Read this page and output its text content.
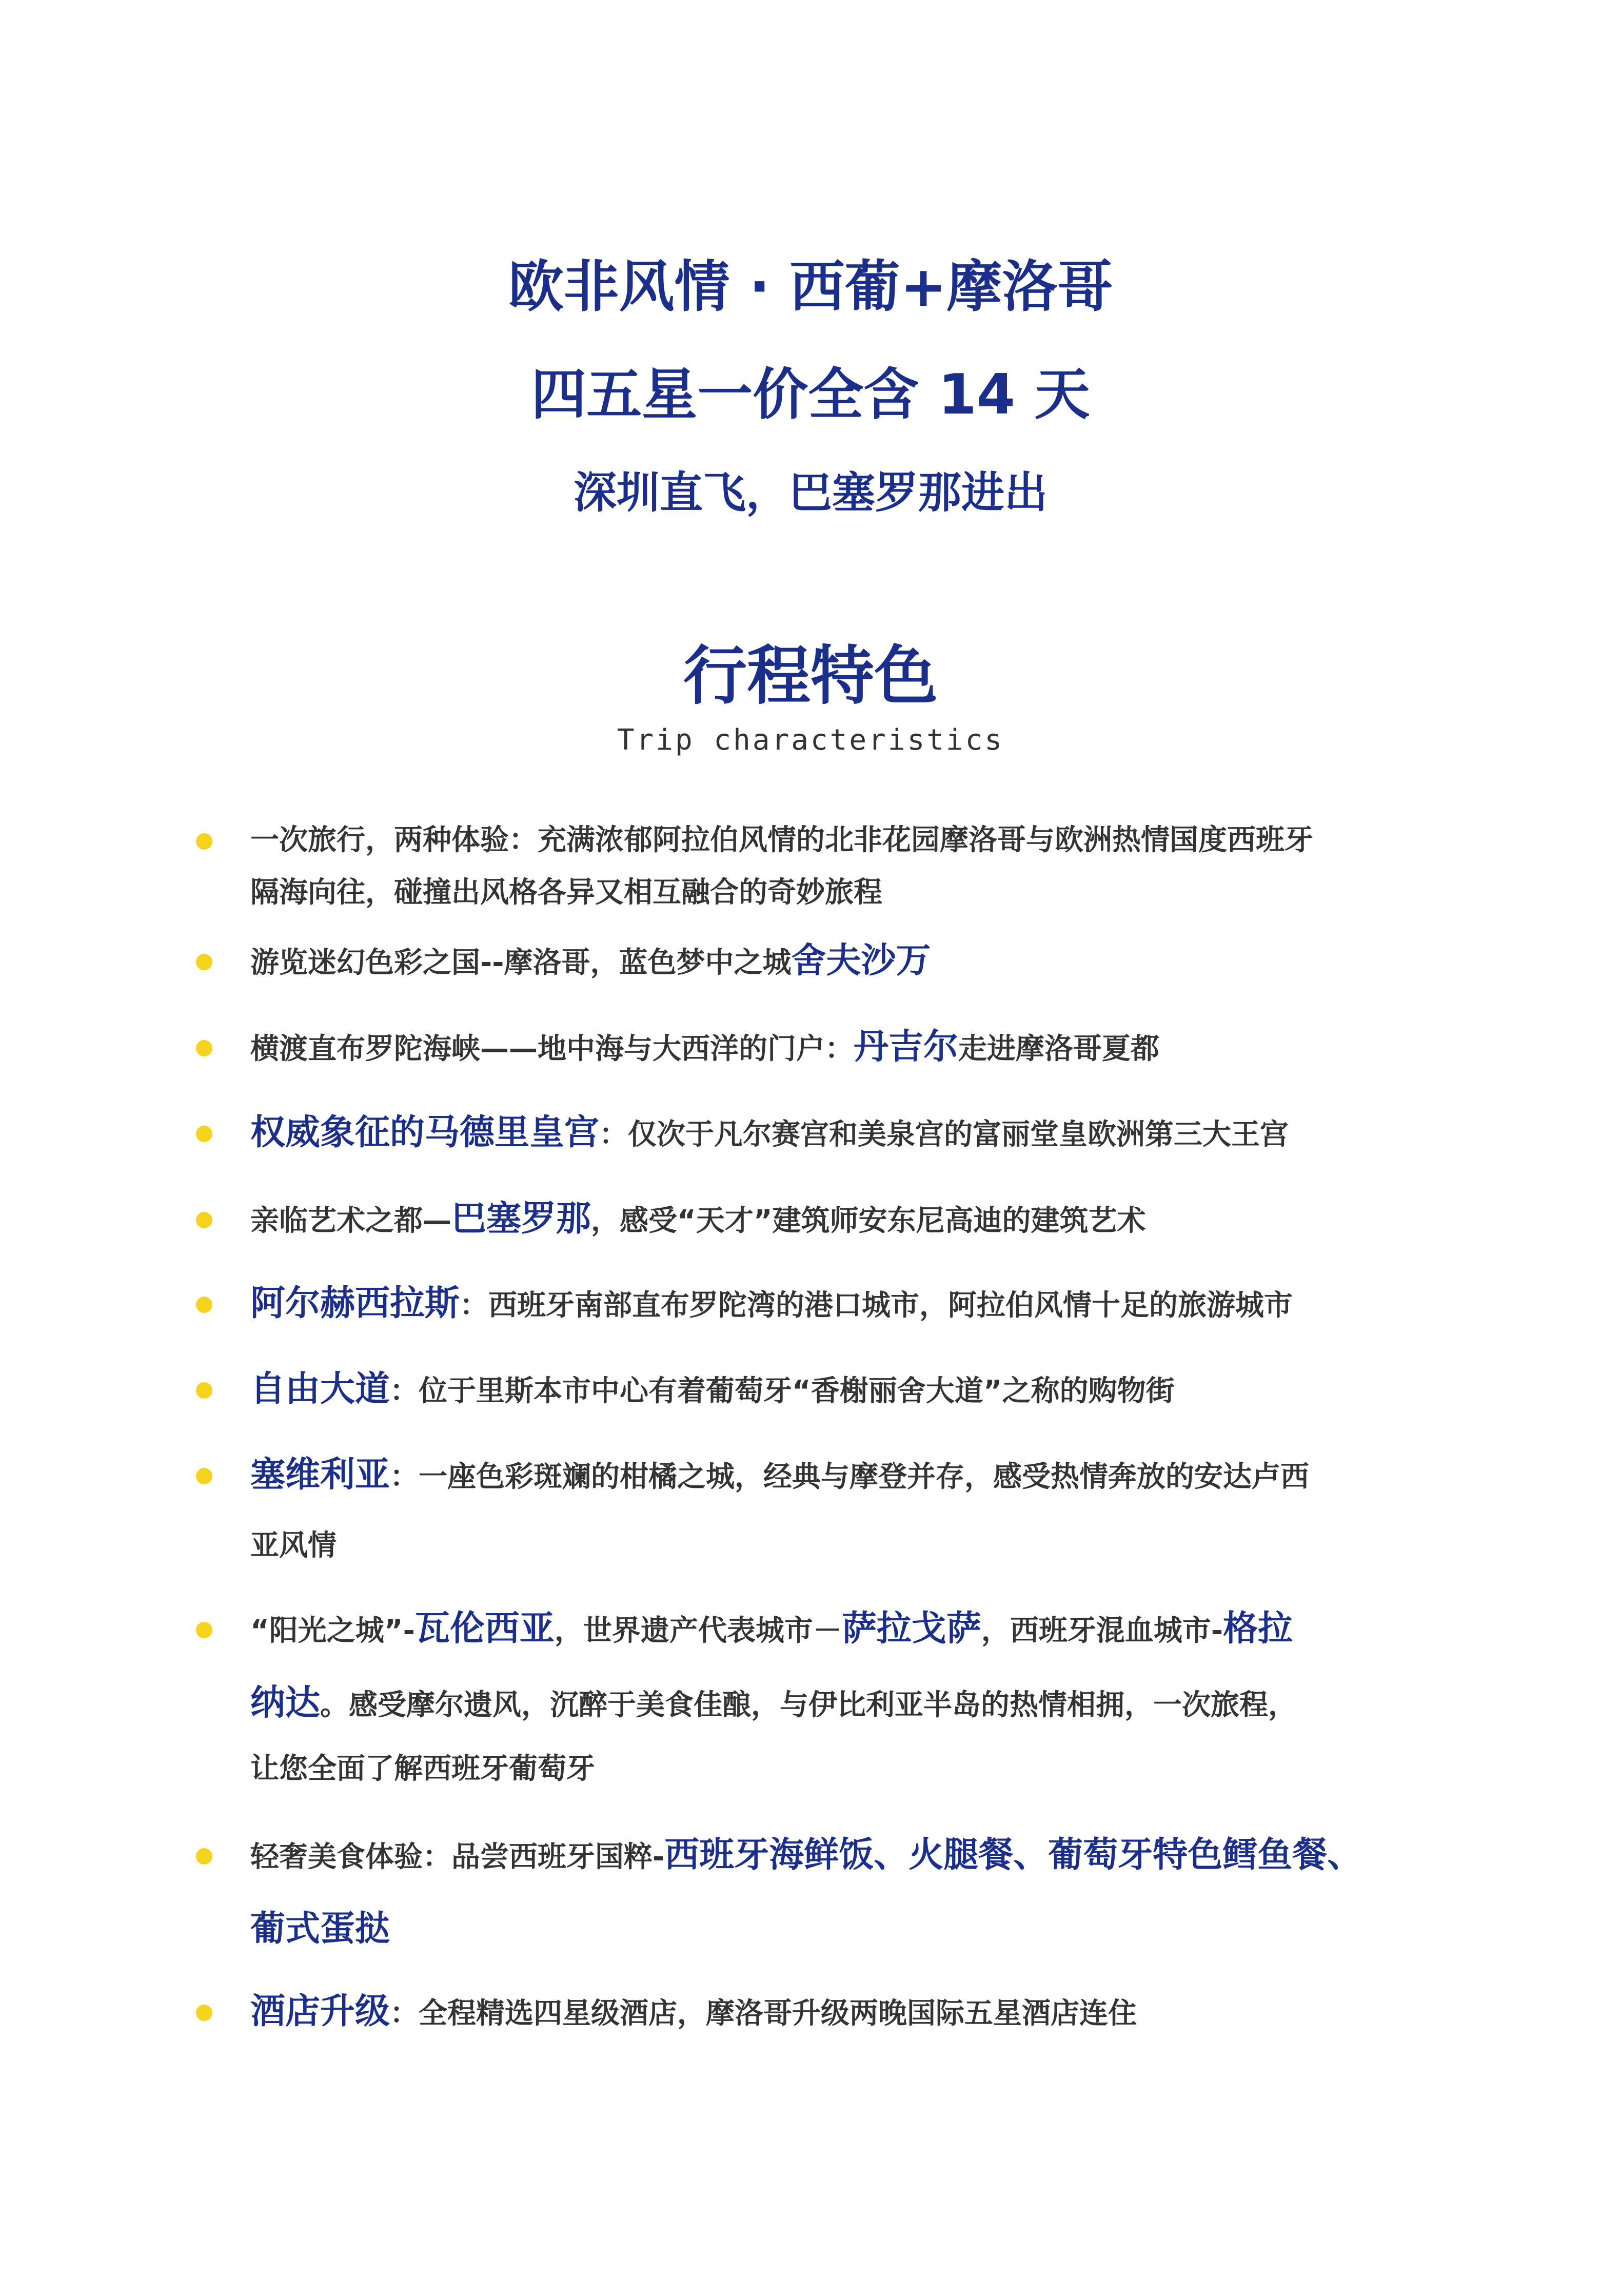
欧非风情 · 西葡+摩洛哥
四五星一价全含 14 天
深圳直飞，巴塞罗那进出
行程特色
Trip characteristics
一次旅行，两种体验：充满浓郁阿拉伯风情的北非花园摩洛哥与欧洲热情国度西班牙
隔海向往，碰撞出风格各异又相互融合的奇妙旅程
游览迷幻色彩之国--摩洛哥，蓝色梦中之城舍夫沙万
横渡直布罗陀海峡——地中海与大西洋的门户：丹吉尔走进摩洛哥夏都
权威象征的马德里皇宫：仅次于凡尔赛宫和美泉宫的富丽堂皇欧洲第三大王宫
亲临艺术之都—巴塞罗那，感受“天才”建筑师安东尼高迪的建筑艺术
阿尔赫西拉斯：西班牙南部直布罗陀湾的港口城市，阿拉伯风情十足的旅游城市
自由大道：位于里斯本市中心有着葡萄牙“香榭丽舍大道”之称的购物街
塞维利亚：一座色彩斑斓的柑橘之城，经典与摩登并存，感受热情奔放的安达卢西
亚风情
“阳光之城”-瓦伦西亚，世界遗产代表城市－萨拉戈萨，西班牙混血城市-格拉
纳达。感受摩尔遗风，沉醉于美食佳酿，与伊比利亚半岛的热情相拥，一次旅程，
让您全面了解西班牙葡萄牙
轻奢美食体验：品尝西班牙国粹-西班牙海鲜饭、火腿餐、葡萄牙特色鳕鱼餐、
葡式蛋挞
酒店升级：全程精选四星级酒店，摩洛哥升级两晚国际五星酒店连住
